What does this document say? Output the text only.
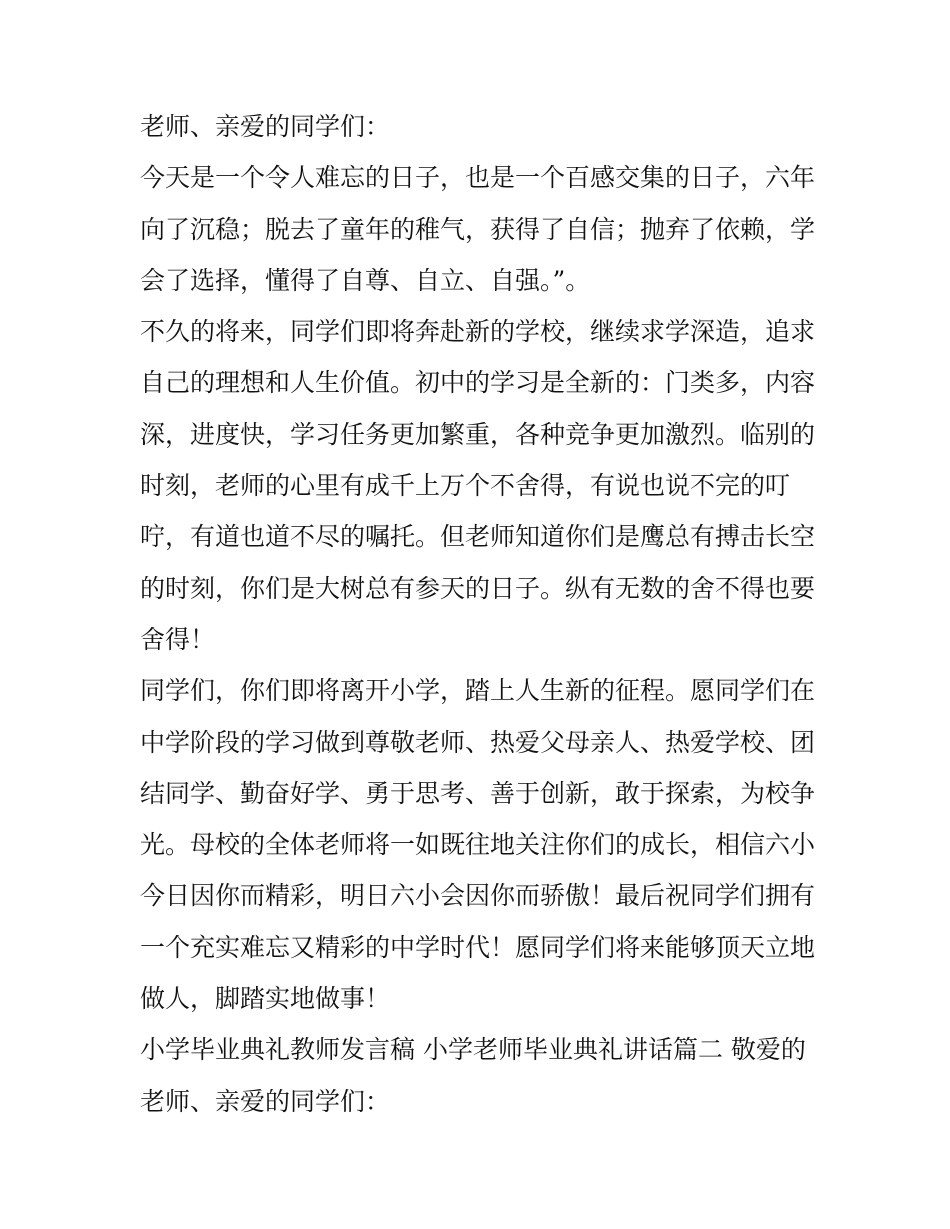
老师、亲爱的同学们：
今天是一个令人难忘的日子，也是一个百感交集的日子，六年
向了沉稳；脱去了童年的稚气，获得了自信；抛弃了依赖，学
会了选择，懂得了自尊、自立、自强。”。
不久的将来，同学们即将奔赴新的学校，继续求学深造，追求
自己的理想和人生价值。初中的学习是全新的：门类多，内容
深，进度快，学习任务更加繁重，各种竞争更加激烈。临别的
时刻，老师的心里有成千上万个不舍得，有说也说不完的叮
咛，有道也道不尽的嘱托。但老师知道你们是鹰总有搏击长空
的时刻，你们是大树总有参天的日子。纵有无数的舍不得也要
舍得！
同学们，你们即将离开小学，踏上人生新的征程。愿同学们在
中学阶段的学习做到尊敬老师、热爱父母亲人、热爱学校、团
结同学、勤奋好学、勇于思考、善于创新，敢于探索，为校争
光。母校的全体老师将一如既往地关注你们的成长，相信六小
今日因你而精彩，明日六小会因你而骄傲！最后祝同学们拥有
一个充实难忘又精彩的中学时代！愿同学们将来能够顶天立地
做人，脚踏实地做事！
小学毕业典礼教师发言稿 小学老师毕业典礼讲话篇二 敬爱的
老师、亲爱的同学们：
